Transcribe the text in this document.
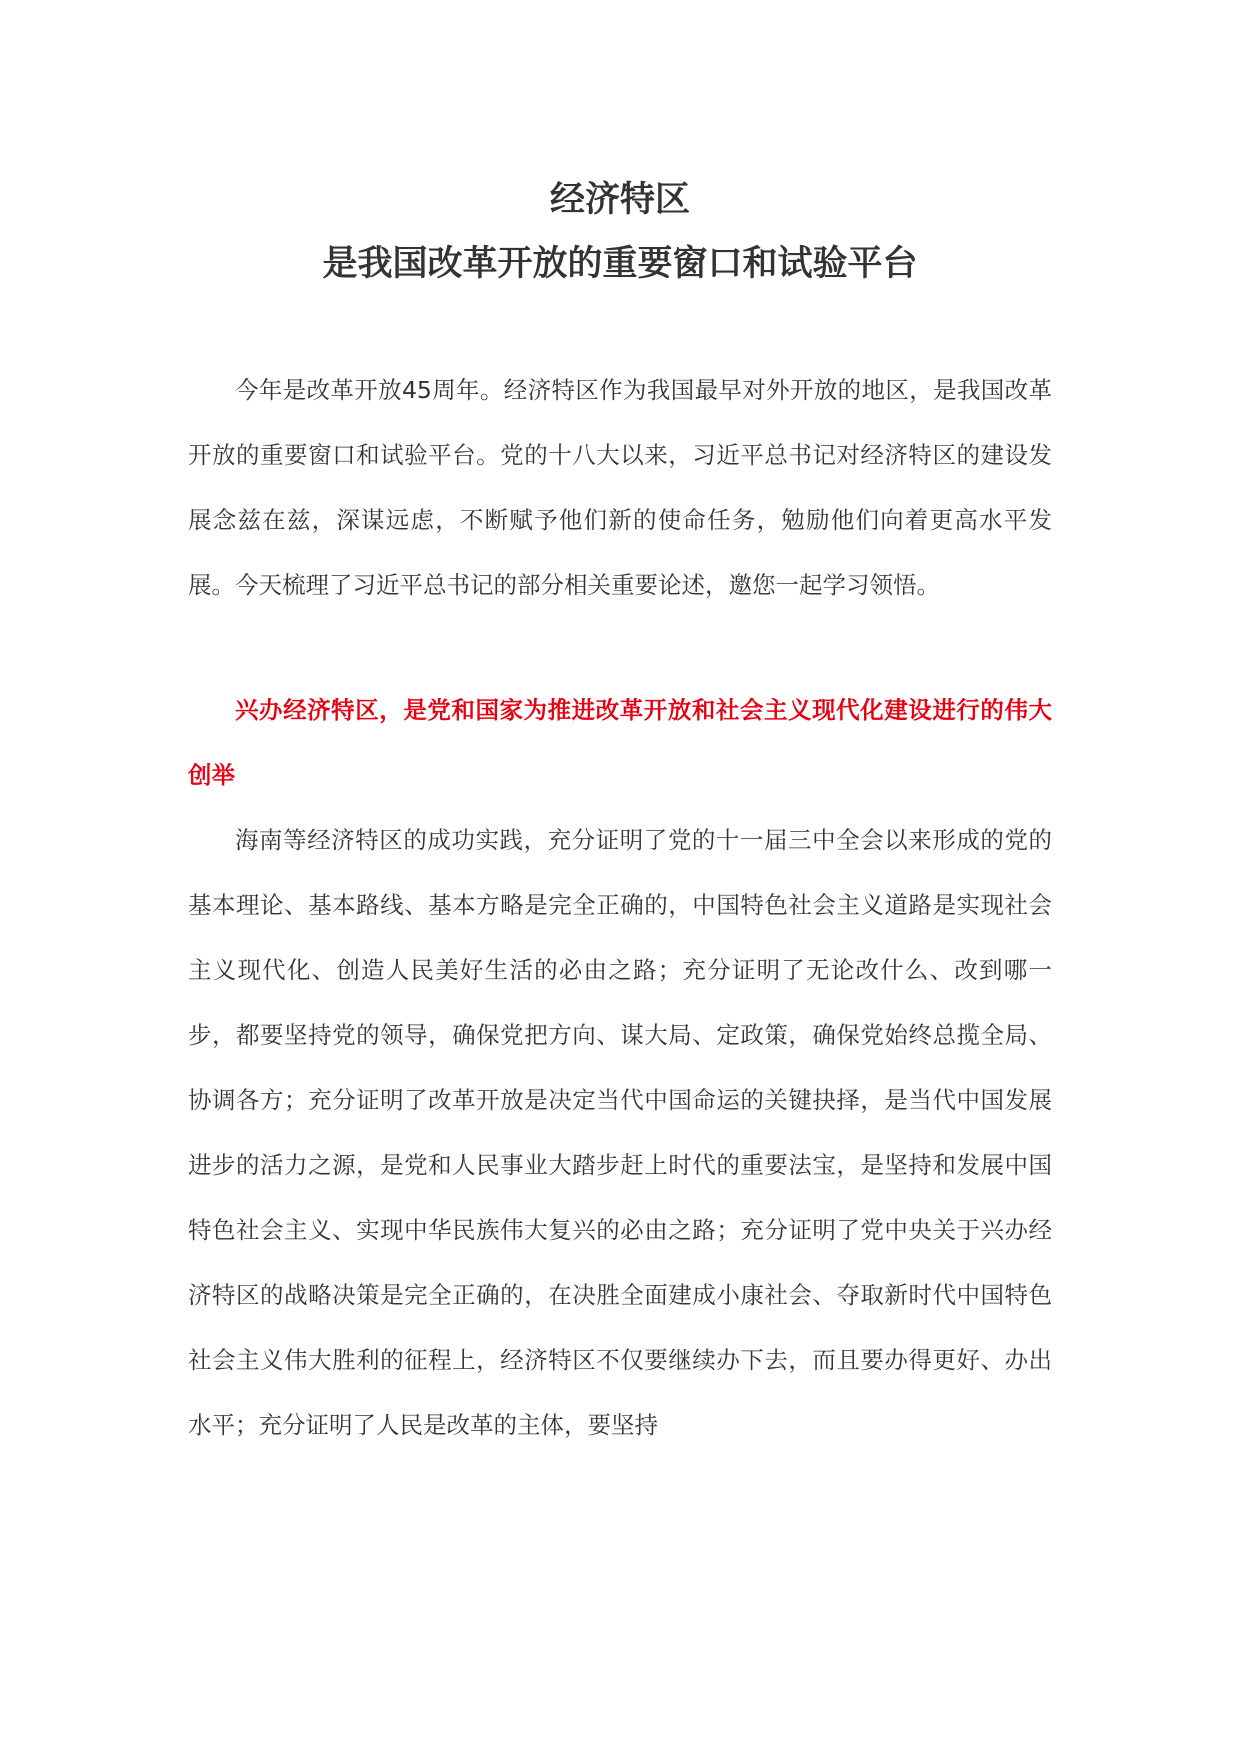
经济特区

是我国改革开放的重要窗口和试验平台

今年是改革开放45周年。经济特区作为我国最早对外开放的地区，是我国改革开放的重要窗口和试验平台。党的十八大以来，习近平总书记对经济特区的建设发展念兹在兹，深谋远虑，不断赋予他们新的使命任务，勉励他们向着更高水平发展。今天梳理了习近平总书记的部分相关重要论述，邀您一起学习领悟。

兴办经济特区，是党和国家为推进改革开放和社会主义现代化建设进行的伟大创举

海南等经济特区的成功实践，充分证明了党的十一届三中全会以来形成的党的基本理论、基本路线、基本方略是完全正确的，中国特色社会主义道路是实现社会主义现代化、创造人民美好生活的必由之路；充分证明了无论改什么、改到哪一步，都要坚持党的领导，确保党把方向、谋大局、定政策，确保党始终总揽全局、协调各方；充分证明了改革开放是决定当代中国命运的关键抉择，是当代中国发展进步的活力之源，是党和人民事业大踏步赶上时代的重要法宝，是坚持和发展中国特色社会主义、实现中华民族伟大复兴的必由之路；充分证明了党中央关于兴办经济特区的战略决策是完全正确的，在决胜全面建成小康社会、夺取新时代中国特色社会主义伟大胜利的征程上，经济特区不仅要继续办下去，而且要办得更好、办出水平；充分证明了人民是改革的主体，要坚持
